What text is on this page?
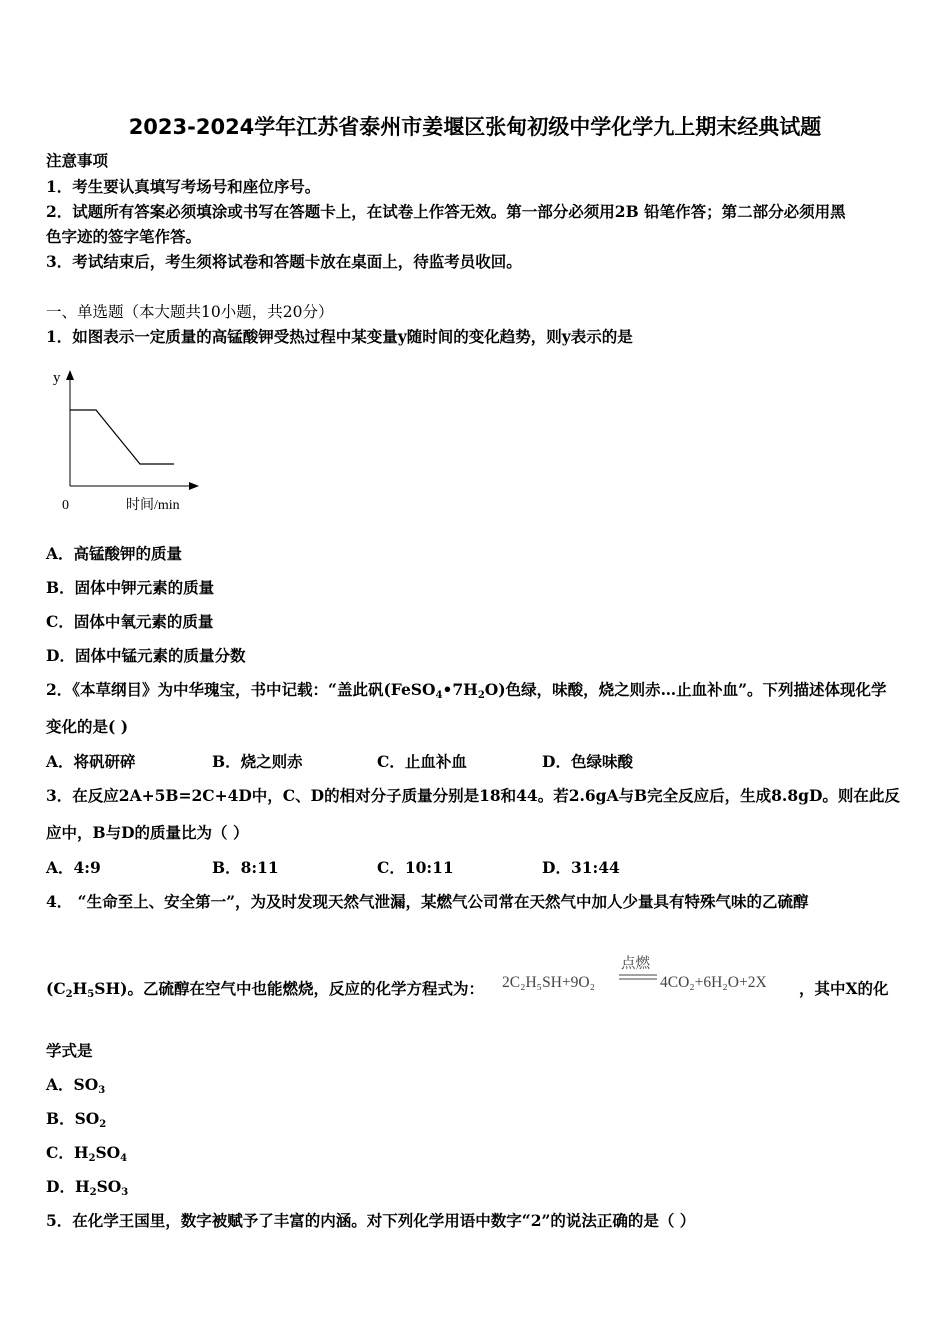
2023-2024学年江苏省泰州市姜堰区张甸初级中学化学九上期末经典试题
注意事项
1．考生要认真填写考场号和座位序号。
2．试题所有答案必须填涂或书写在答题卡上，在试卷上作答无效。第一部分必须用2B 铅笔作答；第二部分必须用黑
色字迹的签字笔作答。
3．考试结束后，考生须将试卷和答题卡放在桌面上，待监考员收回。
一、单选题（本大题共10小题，共20分）
1．如图表示一定质量的高锰酸钾受热过程中某变量y随时间的变化趋势，则y表示的是
y
0	时间/min
A．高锰酸钾的质量
B．固体中钾元素的质量
C．固体中氧元素的质量
D．固体中锰元素的质量分数
2．《本草纲目》为中华瑰宝，书中记载：“盖此矾$(FeSO_4•7H_2O)$色绿，味酸，烧之则赤…止血补血”。下列描述体现化学
变化的是( )
A．将矾研碎	B．烧之则赤	C．止血补血	D．色绿味酸
3．在反应2A+5B=2C+4D中，C、D的相对分子质量分别是18和44。若2.6gA与B完全反应后，生成8.8gD。则在此反
应中，B与D的质量比为（ ）
A．4:9	B．8:11	C．10:11	D．31:44
4． “生命至上、安全第一”，为及时发现天然气泄漏，某燃气公司常在天然气中加人少量具有特殊气味的乙硫醇
$(C_2H_5SH)$。乙硫醇在空气中也能燃烧，反应的化学方程式为： 2C₂H₅SH+9O₂
点燃
4CO₂+6H₂O+2X ，其中X的化
学式是
A．$SO_3$
B．$SO_2$
C．$H_2SO_4$
D．$H_2SO_3$
5．在化学王国里，数字被赋予了丰富的内涵。对下列化学用语中数字“2”的说法正确的是（ ）
